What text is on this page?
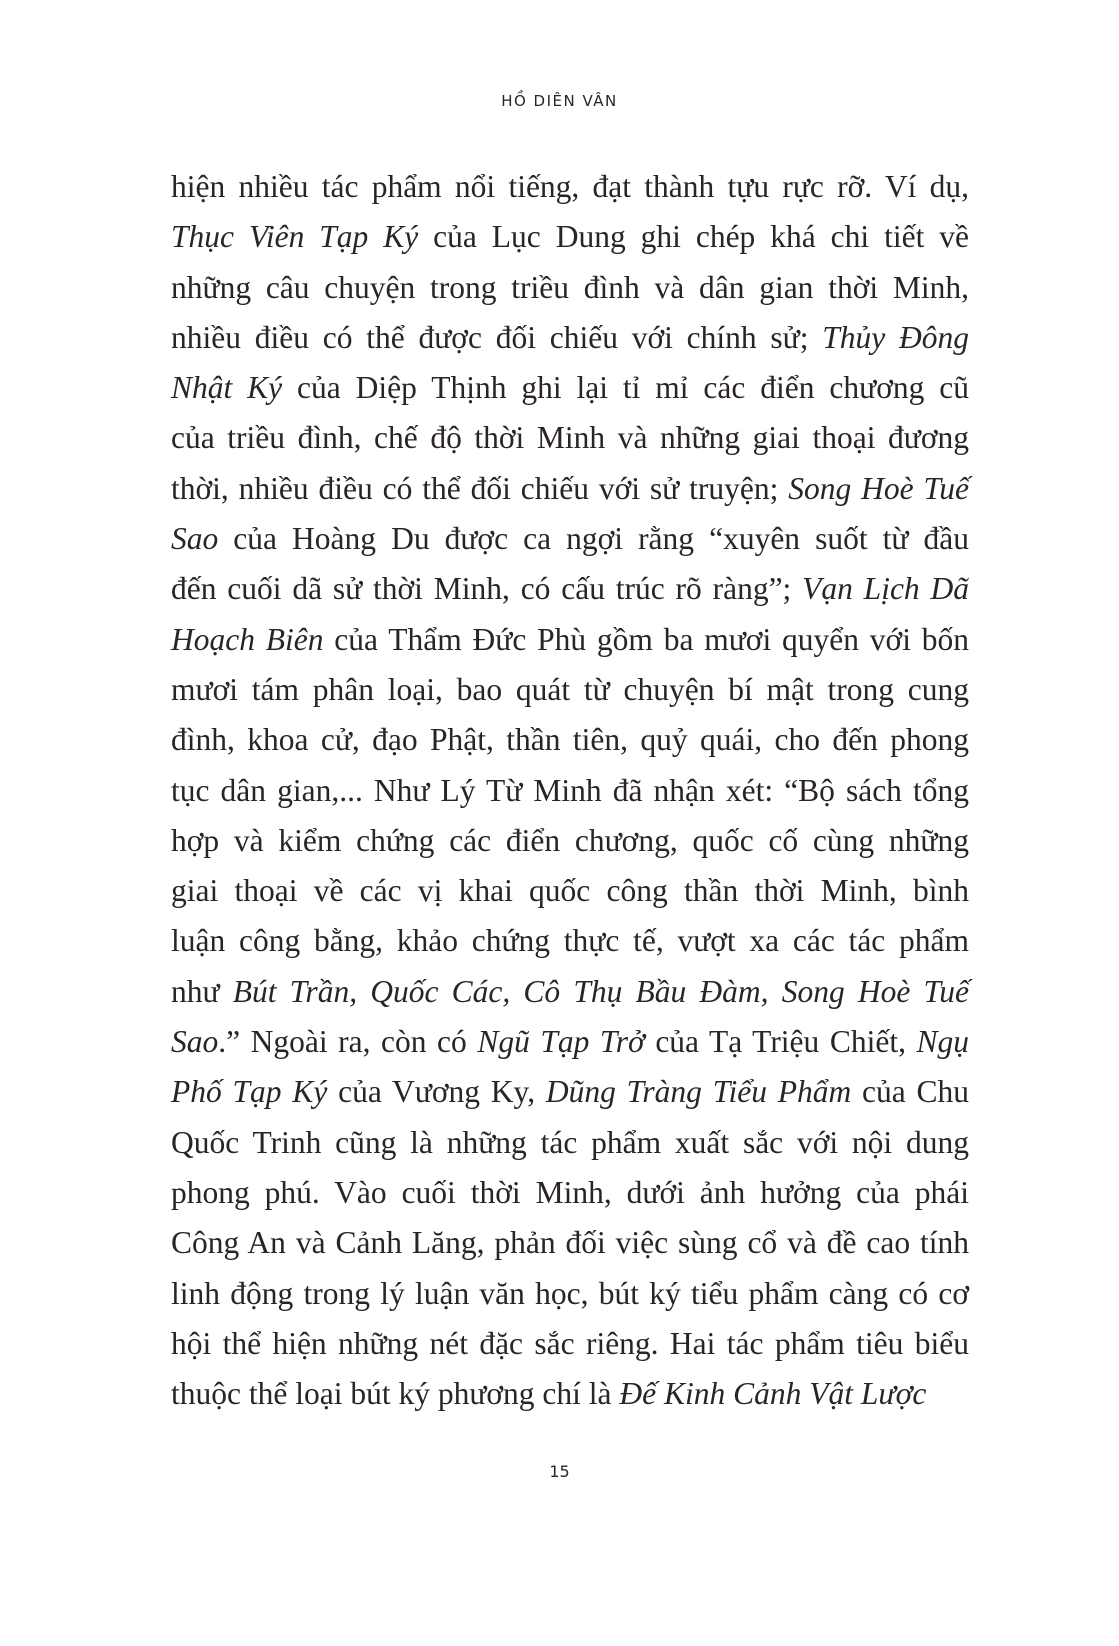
HỒ DIÊN VÂN
hiện nhiều tác phẩm nổi tiếng, đạt thành tựu rực rỡ. Ví dụ,
Thục Viên Tạp Ký của Lục Dung ghi chép khá chi tiết về
những câu chuyện trong triều đình và dân gian thời Minh,
nhiều điều có thể được đối chiếu với chính sử; Thủy Đông
Nhật Ký của Diệp Thịnh ghi lại tỉ mỉ các điển chương cũ
của triều đình, chế độ thời Minh và những giai thoại đương
thời, nhiều điều có thể đối chiếu với sử truyện; Song Hoè Tuế
Sao của Hoàng Du được ca ngợi rằng “xuyên suốt từ đầu
đến cuối dã sử thời Minh, có cấu trúc rõ ràng”; Vạn Lịch Dã
Hoạch Biên của Thẩm Đức Phù gồm ba mươi quyển với bốn
mươi tám phân loại, bao quát từ chuyện bí mật trong cung
đình, khoa cử, đạo Phật, thần tiên, quỷ quái, cho đến phong
tục dân gian,... Như Lý Từ Minh đã nhận xét: “Bộ sách tổng
hợp và kiểm chứng các điển chương, quốc cố cùng những
giai thoại về các vị khai quốc công thần thời Minh, bình
luận công bằng, khảo chứng thực tế, vượt xa các tác phẩm
như Bút Trần, Quốc Các, Cô Thụ Bầu Đàm, Song Hoè Tuế
Sao.” Ngoài ra, còn có Ngũ Tạp Trở của Tạ Triệu Chiết, Ngụ
Phố Tạp Ký của Vương Ky, Dũng Tràng Tiểu Phẩm của Chu
Quốc Trinh cũng là những tác phẩm xuất sắc với nội dung
phong phú. Vào cuối thời Minh, dưới ảnh hưởng của phái
Công An và Cảnh Lăng, phản đối việc sùng cổ và đề cao tính
linh động trong lý luận văn học, bút ký tiểu phẩm càng có cơ
hội thể hiện những nét đặc sắc riêng. Hai tác phẩm tiêu biểu
thuộc thể loại bút ký phương chí là Đế Kinh Cảnh Vật Lược
15
